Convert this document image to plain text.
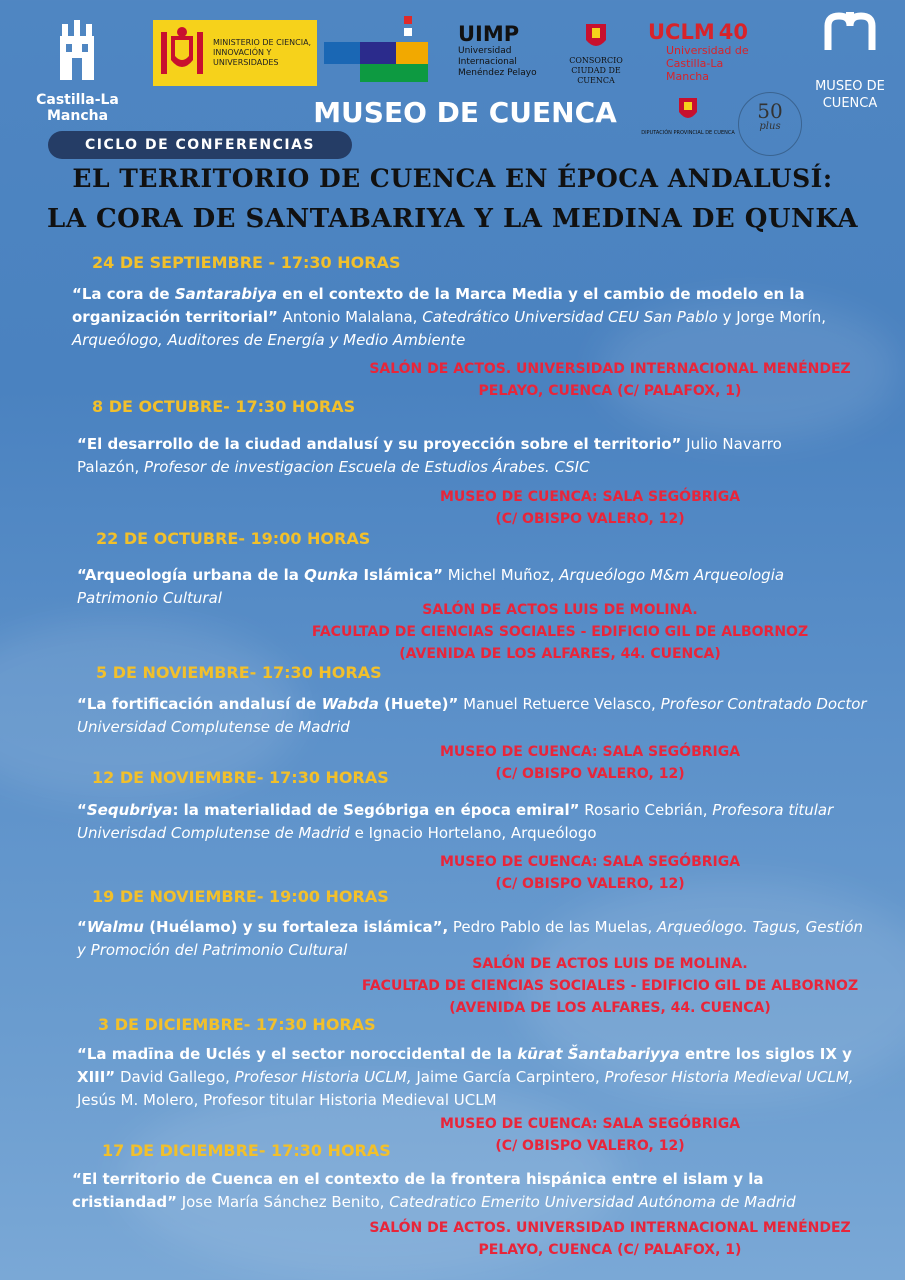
Castilla-La Mancha
MINISTERIO DE CIENCIA, INNOVACIÓN Y UNIVERSIDADES
UIMP
Universidad Internacional Menéndez Pelayo
CONSORCIO CIUDAD DE CUENCA
UCLM 40
Universidad de Castilla-La Mancha
MUSEO DE
CUENCA
DIPUTACIÓN PROVINCIAL DE CUENCA
50
plus
MUSEO DE CUENCA
CICLO DE CONFERENCIAS
EL TERRITORIO DE CUENCA EN ÉPOCA ANDALUSÍ:
LA CORA DE SANTABARIYA Y LA MEDINA DE QUNKA
24 DE SEPTIEMBRE - 17:30 HORAS
“La cora de Santarabiya en el contexto de la Marca Media y el cambio de modelo en la organización territorial” Antonio Malalana, Catedrático Universidad CEU San Pablo y Jorge Morín, Arqueólogo, Auditores de Energía y Medio Ambiente
SALÓN DE ACTOS. UNIVERSIDAD INTERNACIONAL MENÉNDEZ
PELAYO, CUENCA (C/ PALAFOX, 1)
8 DE OCTUBRE- 17:30 HORAS
“El desarrollo de la ciudad andalusí y su proyección sobre el territorio” Julio Navarro Palazón, Profesor de investigacion Escuela de Estudios Árabes. CSIC
MUSEO DE CUENCA: SALA SEGÓBRIGA
(C/ OBISPO VALERO, 12)
22 DE OCTUBRE- 19:00 HORAS
“Arqueología urbana de la Qunka Islámica” Michel Muñoz, Arqueólogo M&m Arqueologia Patrimonio Cultural
SALÓN DE ACTOS LUIS DE MOLINA.
FACULTAD DE CIENCIAS SOCIALES - EDIFICIO GIL DE ALBORNOZ
(AVENIDA DE LOS ALFARES, 44. CUENCA)
5 DE NOVIEMBRE- 17:30 HORAS
“La fortificación andalusí de Wabda (Huete)” Manuel Retuerce Velasco, Profesor Contratado Doctor Universidad Complutense de Madrid
MUSEO DE CUENCA: SALA SEGÓBRIGA
(C/ OBISPO VALERO, 12)
12 DE NOVIEMBRE- 17:30 HORAS
“Sequbriya: la materialidad de Segóbriga en época emiral” Rosario Cebrián, Profesora titular Univerisdad Complutense de Madrid e Ignacio Hortelano, Arqueólogo
MUSEO DE CUENCA: SALA SEGÓBRIGA
(C/ OBISPO VALERO, 12)
19 DE NOVIEMBRE- 19:00 HORAS
“Walmu (Huélamo) y su fortaleza islámica”, Pedro Pablo de las Muelas, Arqueólogo. Tagus, Gestión y Promoción del Patrimonio Cultural
SALÓN DE ACTOS LUIS DE MOLINA.
FACULTAD DE CIENCIAS SOCIALES - EDIFICIO GIL DE ALBORNOZ
(AVENIDA DE LOS ALFARES, 44. CUENCA)
3 DE DICIEMBRE- 17:30 HORAS
“La madīna de Uclés y el sector noroccidental de la kūrat Šantabariyya entre los siglos IX y XIII” David Gallego, Profesor Historia UCLM, Jaime García Carpintero, Profesor Historia Medieval UCLM, Jesús M. Molero, Profesor titular Historia Medieval UCLM
MUSEO DE CUENCA: SALA SEGÓBRIGA
(C/ OBISPO VALERO, 12)
17 DE DICIEMBRE- 17:30 HORAS
“El territorio de Cuenca en el contexto de la frontera hispánica entre el islam y la cristiandad” Jose María Sánchez Benito, Catedratico Emerito Universidad Autónoma de Madrid
SALÓN DE ACTOS. UNIVERSIDAD INTERNACIONAL MENÉNDEZ
PELAYO, CUENCA (C/ PALAFOX, 1)
